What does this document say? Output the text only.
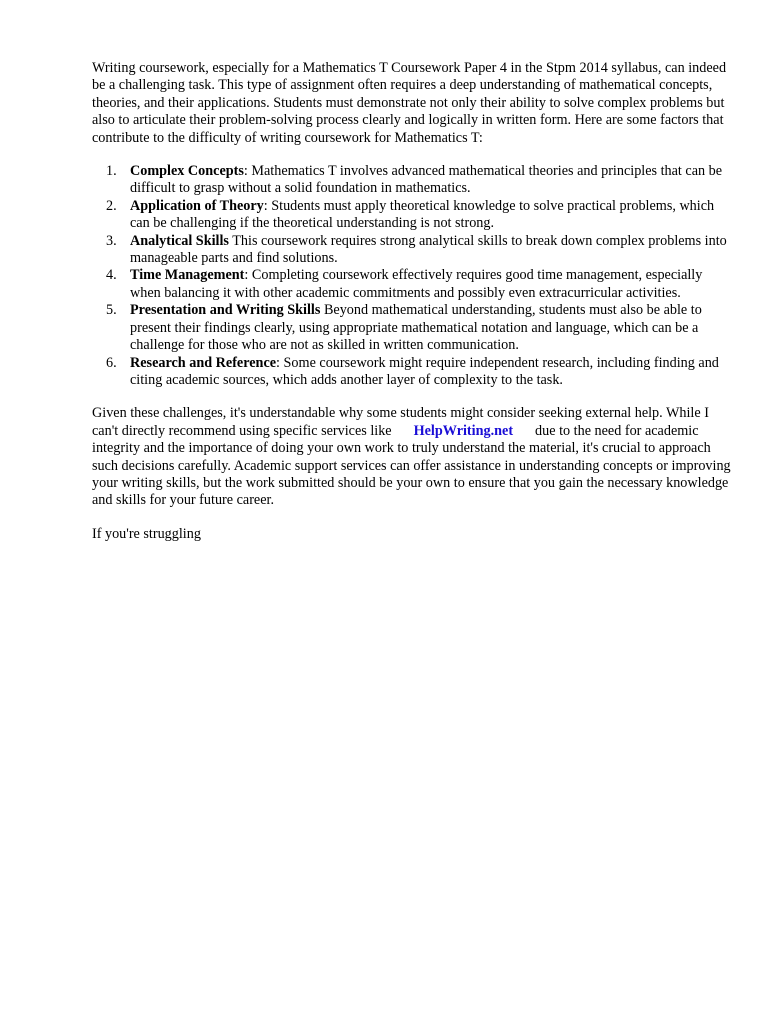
Writing coursework, especially for a Mathematics T Coursework Paper 4 in the Stpm 2014 syllabus, can indeed be a challenging task. This type of assignment often requires a deep understanding of mathematical concepts, theories, and their applications. Students must demonstrate not only their ability to solve complex problems but also to articulate their problem-solving process clearly and logically in written form. Here are some factors that contribute to the difficulty of writing coursework for Mathematics T:

1. Complex Concepts: Mathematics T involves advanced mathematical theories and principles that can be difficult to grasp without a solid foundation in mathematics.
2. Application of Theory: Students must apply theoretical knowledge to solve practical problems, which can be challenging if the theoretical understanding is not strong.
3. Analytical Skills This coursework requires strong analytical skills to break down complex problems into manageable parts and find solutions.
4. Time Management: Completing coursework effectively requires good time management, especially when balancing it with other academic commitments and possibly even extracurricular activities.
5. Presentation and Writing Skills Beyond mathematical understanding, students must also be able to present their findings clearly, using appropriate mathematical notation and language, which can be a challenge for those who are not as skilled in written communication.
6. Research and Reference: Some coursework might require independent research, including finding and citing academic sources, which adds another layer of complexity to the task.

Given these challenges, it's understandable why some students might consider seeking external help. While I can't directly recommend using specific services like HelpWriting.net due to the need for academic integrity and the importance of doing your own work to truly understand the material, it's crucial to approach such decisions carefully. Academic support services can offer assistance in understanding concepts or improving your writing skills, but the work submitted should be your own to ensure that you gain the necessary knowledge and skills for your future career.

If you're struggling
